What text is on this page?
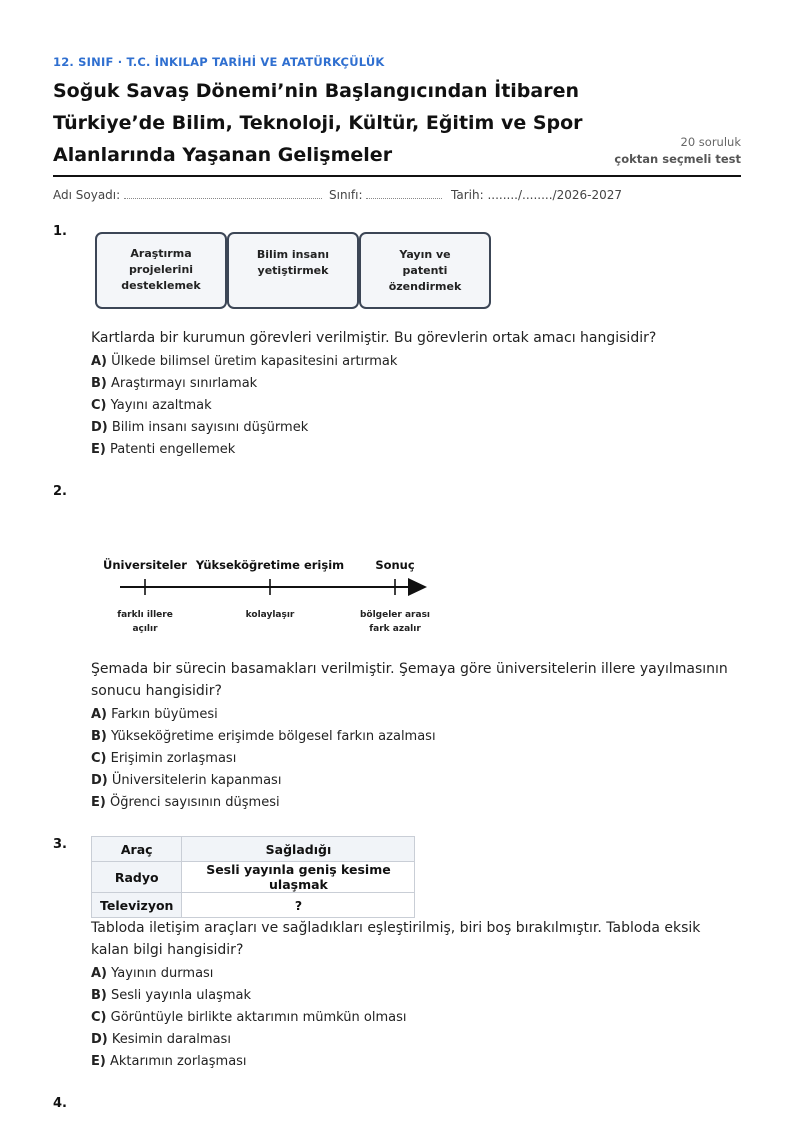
12. SINIF · T.C. İNKILAP TARİHİ VE ATATÜRKÇÜLÜK
Soğuk Savaş Dönemi’nin Başlangıcından İtibaren
Türkiye’de Bilim, Teknoloji, Kültür, Eğitim ve Spor
Alanlarında Yaşanan Gelişmeler
20 soruluk
çoktan seçmeli test
Adı Soyadı:	Sınıfı:	Tarih: ......../......../2026-2027
1.
Araştırma
projelerini
desteklemek
Bilim insanı
yetiştirmek
Yayın ve
patenti
özendirmek
Kartlarda bir kurumun görevleri verilmiştir. Bu görevlerin ortak amacı hangisidir?
A) Ülkede bilimsel üretim kapasitesini artırmak
B) Araştırmayı sınırlamak
C) Yayını azaltmak
D) Bilim insanı sayısını düşürmek
E) Patenti engellemek
2.
Üniversiteler Yükseköğretime erişim	Sonuç
farklı illere
açılır
kolaylaşır	bölgeler arası
fark azalır
Şemada bir sürecin basamakları verilmiştir. Şemaya göre üniversitelerin illere yayılmasının sonucu hangisidir?
A) Farkın büyümesi
B) Yükseköğretime erişimde bölgesel farkın azalması
C) Erişimin zorlaşması
D) Üniversitelerin kapanması
E) Öğrenci sayısının düşmesi
3.	Araç	Sağladığı
Radyo	Sesli yayınla geniş kesime ulaşmak
Televizyon	?
Tabloda iletişim araçları ve sağladıkları eşleştirilmiş, biri boş bırakılmıştır. Tabloda eksik kalan bilgi hangisidir?
A) Yayının durması
B) Sesli yayınla ulaşmak
C) Görüntüyle birlikte aktarımın mümkün olması
D) Kesimin daralması
E) Aktarımın zorlaşması
4.
